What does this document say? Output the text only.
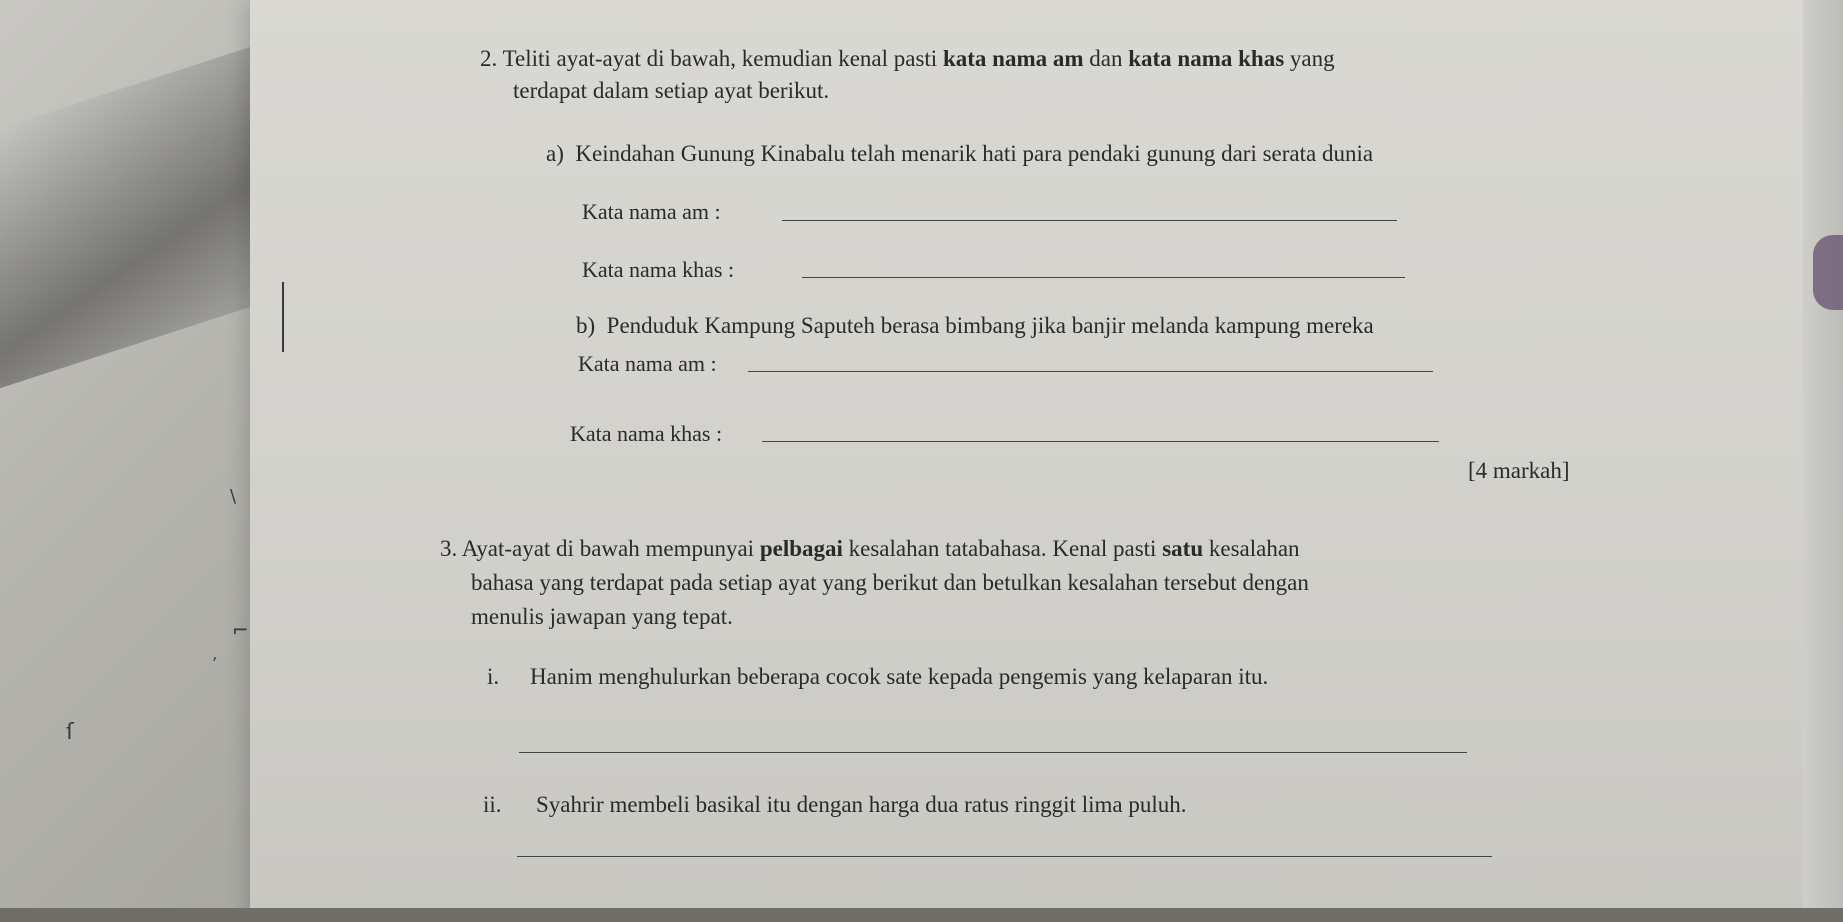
\
⌐
ʼ
ſ
2. Teliti ayat-ayat di bawah, kemudian kenal pasti kata nama am dan kata nama khas yang
terdapat dalam setiap ayat berikut.
a) Keindahan Gunung Kinabalu telah menarik hati para pendaki gunung dari serata dunia
Kata nama am :
Kata nama khas :
b) Penduduk Kampung Saputeh berasa bimbang jika banjir melanda kampung mereka
Kata nama am :
Kata nama khas :
[4 markah]
3. Ayat-ayat di bawah mempunyai pelbagai kesalahan tatabahasa. Kenal pasti satu kesalahan
bahasa yang terdapat pada setiap ayat yang berikut dan betulkan kesalahan tersebut dengan
menulis jawapan yang tepat.
i. Hanim menghulurkan beberapa cocok sate kepada pengemis yang kelaparan itu.
ii. Syahrir membeli basikal itu dengan harga dua ratus ringgit lima puluh.
